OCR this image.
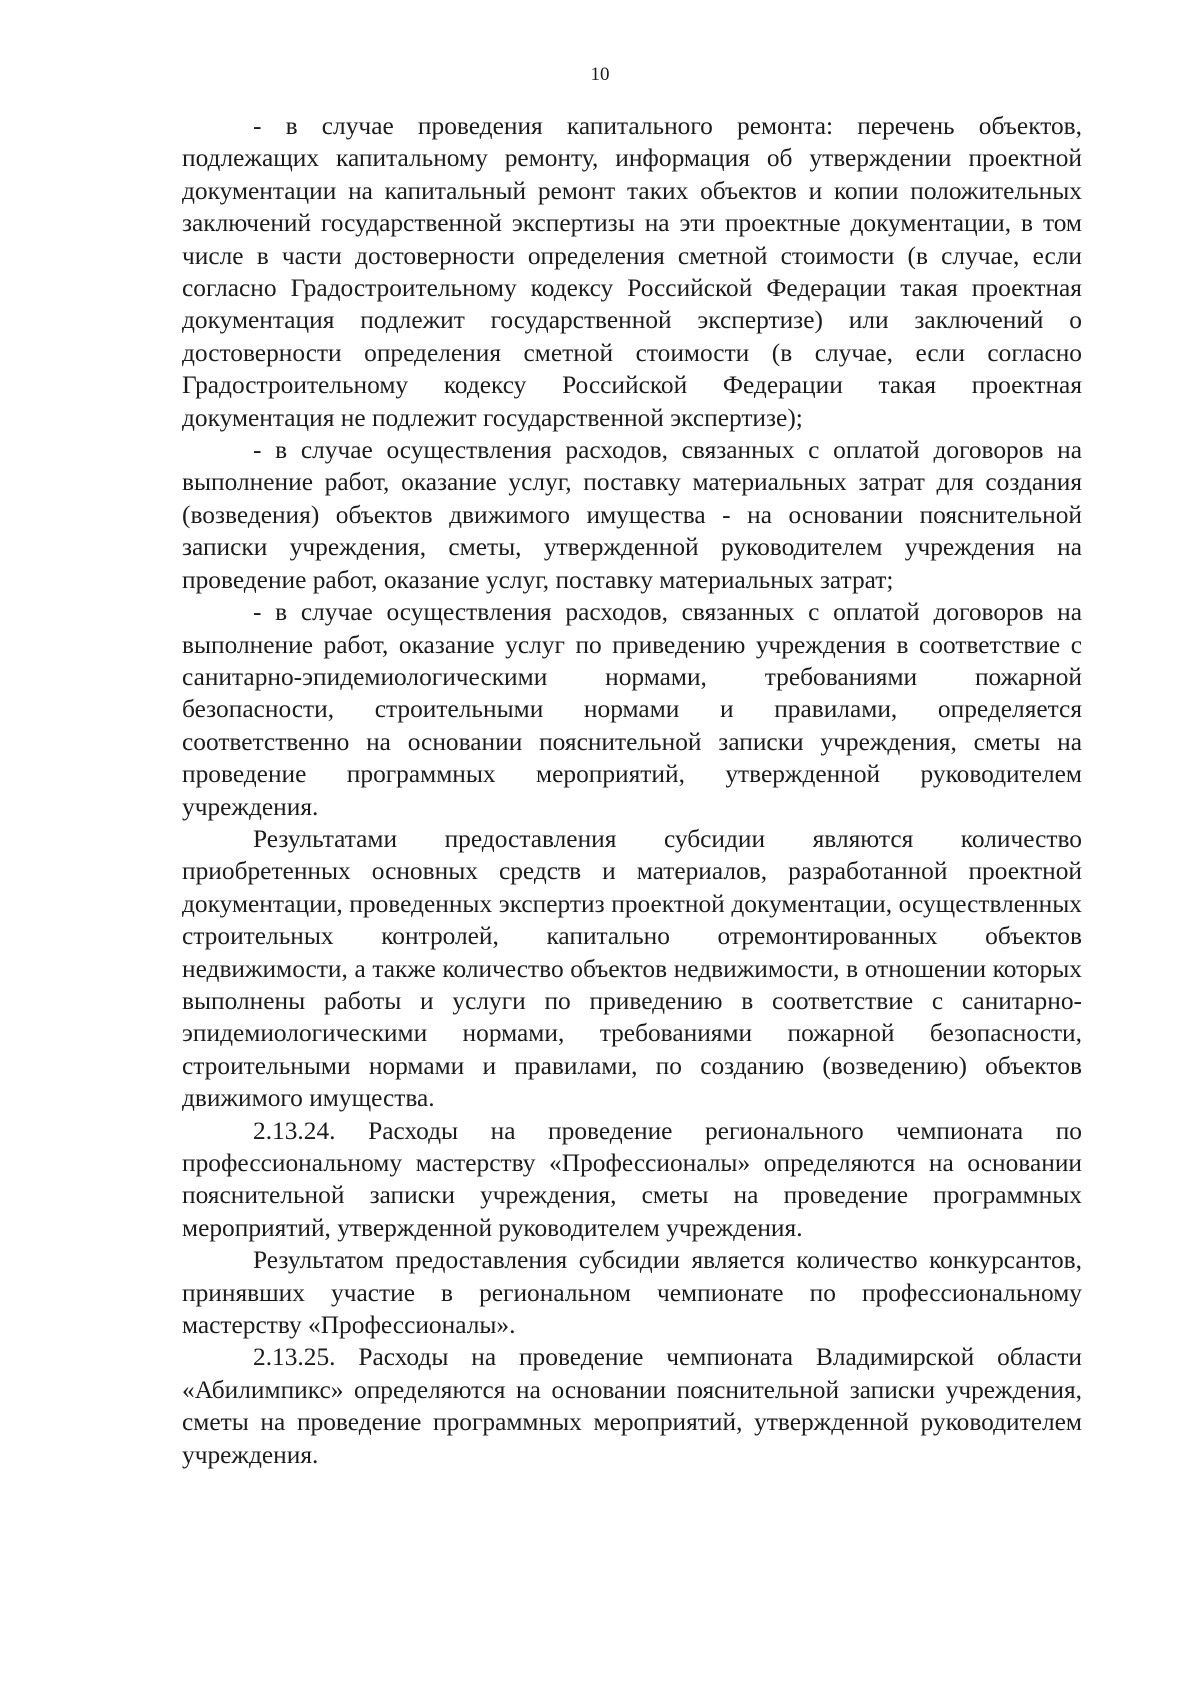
10

- в случае проведения капитального ремонта: перечень объектов, подлежащих капитальному ремонту, информация об утверждении проектной документации на капитальный ремонт таких объектов и копии положительных заключений государственной экспертизы на эти проектные документации, в том числе в части достоверности определения сметной стоимости (в случае, если согласно Градостроительному кодексу Российской Федерации такая проектная документация подлежит государственной экспертизе) или заключений о достоверности определения сметной стоимости (в случае, если согласно Градостроительному кодексу Российской Федерации такая проектная документация не подлежит государственной экспертизе);

- в случае осуществления расходов, связанных с оплатой договоров на выполнение работ, оказание услуг, поставку материальных затрат для создания (возведения) объектов движимого имущества - на основании пояснительной записки учреждения, сметы, утвержденной руководителем учреждения на проведение работ, оказание услуг, поставку материальных затрат;

- в случае осуществления расходов, связанных с оплатой договоров на выполнение работ, оказание услуг по приведению учреждения в соответствие с санитарно-эпидемиологическими нормами, требованиями пожарной безопасности, строительными нормами и правилами, определяется соответственно на основании пояснительной записки учреждения, сметы на проведение программных мероприятий, утвержденной руководителем учреждения.

Результатами предоставления субсидии являются количество приобретенных основных средств и материалов, разработанной проектной документации, проведенных экспертиз проектной документации, осуществленных строительных контролей, капитально отремонтированных объектов недвижимости, а также количество объектов недвижимости, в отношении которых выполнены работы и услуги по приведению в соответствие с санитарно-эпидемиологическими нормами, требованиями пожарной безопасности, строительными нормами и правилами, по созданию (возведению) объектов движимого имущества.

2.13.24. Расходы на проведение регионального чемпионата по профессиональному мастерству «Профессионалы» определяются на основании пояснительной записки учреждения, сметы на проведение программных мероприятий, утвержденной руководителем учреждения.

Результатом предоставления субсидии является количество конкурсантов, принявших участие в региональном чемпионате по профессиональному мастерству «Профессионалы».

2.13.25. Расходы на проведение чемпионата Владимирской области «Абилимпикс» определяются на основании пояснительной записки учреждения, сметы на проведение программных мероприятий, утвержденной руководителем учреждения.
